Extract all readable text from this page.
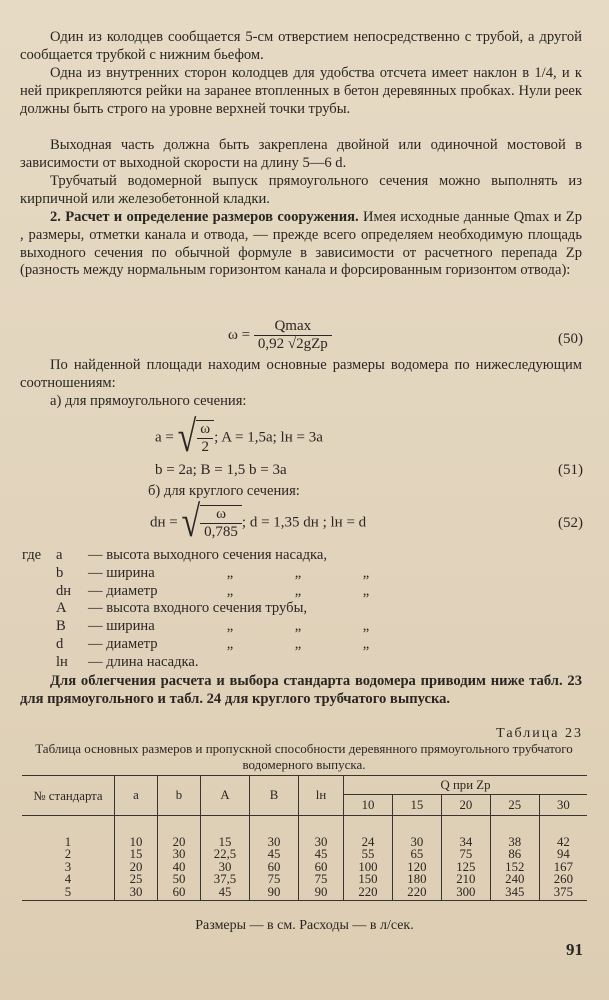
Один из колодцев сообщается 5-см отверстием непосредственно с трубой, а другой сообщается трубкой с нижним бьефом.

Одна из внутренних сторон колодцев для удобства отсчета имеет наклон в 1/4, и к ней прикрепляются рейки на заранее втопленных в бетон деревянных пробках. Нули реек должны быть строго на уровне верхней точки трубы.

Выходная часть должна быть закреплена двойной или одиночной мостовой в зависимости от выходной скорости на длину 5—6 d.

Трубчатый водомерной выпуск прямоугольного сечения можно выполнять из кирпичной или железобетонной кладки.

2. Расчет и определение размеров сооружения. Имея исходные данные Qmax и Zр , размеры, отметки канала и отвода, — прежде всего определяем необходимую площадь выходного сечения по обычной формуле в зависимости от расчетного перепада Zр (разность между нормальным горизонтом канала и форсированным горизонтом отвода):

$\omega = \frac{Qmax}{\text{0,92 √2gZр}}$	(50)

По найденной площади находим основные размеры водомера по нижеследующим соотношениям:

а) для прямоугольного сечения:

a = √ $\frac{\omega}{2}$ ; A = 1,5a; lн = 3a
b = 2a; B = 1,5 b = 3a	(51)

б) для круглого сечения:

dн = √ $\frac{\omega}{0,785}$ ; d = 1,35 dн ; lн = d	(52)
где	a	— высота выходного сечения насадка,
b	— ширина	„	„	„
dн	— диаметр	„	„	„
A	— высота входного сечения трубы,
B	— ширина	„	„	„
d	— диаметр	„	„	„
lн	— длина насадка.

Для облегчения расчета и выбора стандарта водомера приводим ниже табл. 23 для прямоугольного и табл. 24 для круглого трубчатого выпуска.

Таблица 23

Таблица основных размеров и пропускной способности деревянного прямоугольного трубчатого водомерного выпуска.

№ стандарта	a	b	A	B	lн	Q при Zр				
						10	15	20	25	30
1	10	20	15	30	30	24	30	34	38	42
2	15	30	22,5	45	45	55	65	75	86	94
3	20	40	30	60	60	100	120	125	152	167
4	25	50	37,5	75	75	150	180	210	240	260
5	30	60	45	90	90	220	220	300	345	375

Размеры — в см. Расходы — в л/сек.

91
